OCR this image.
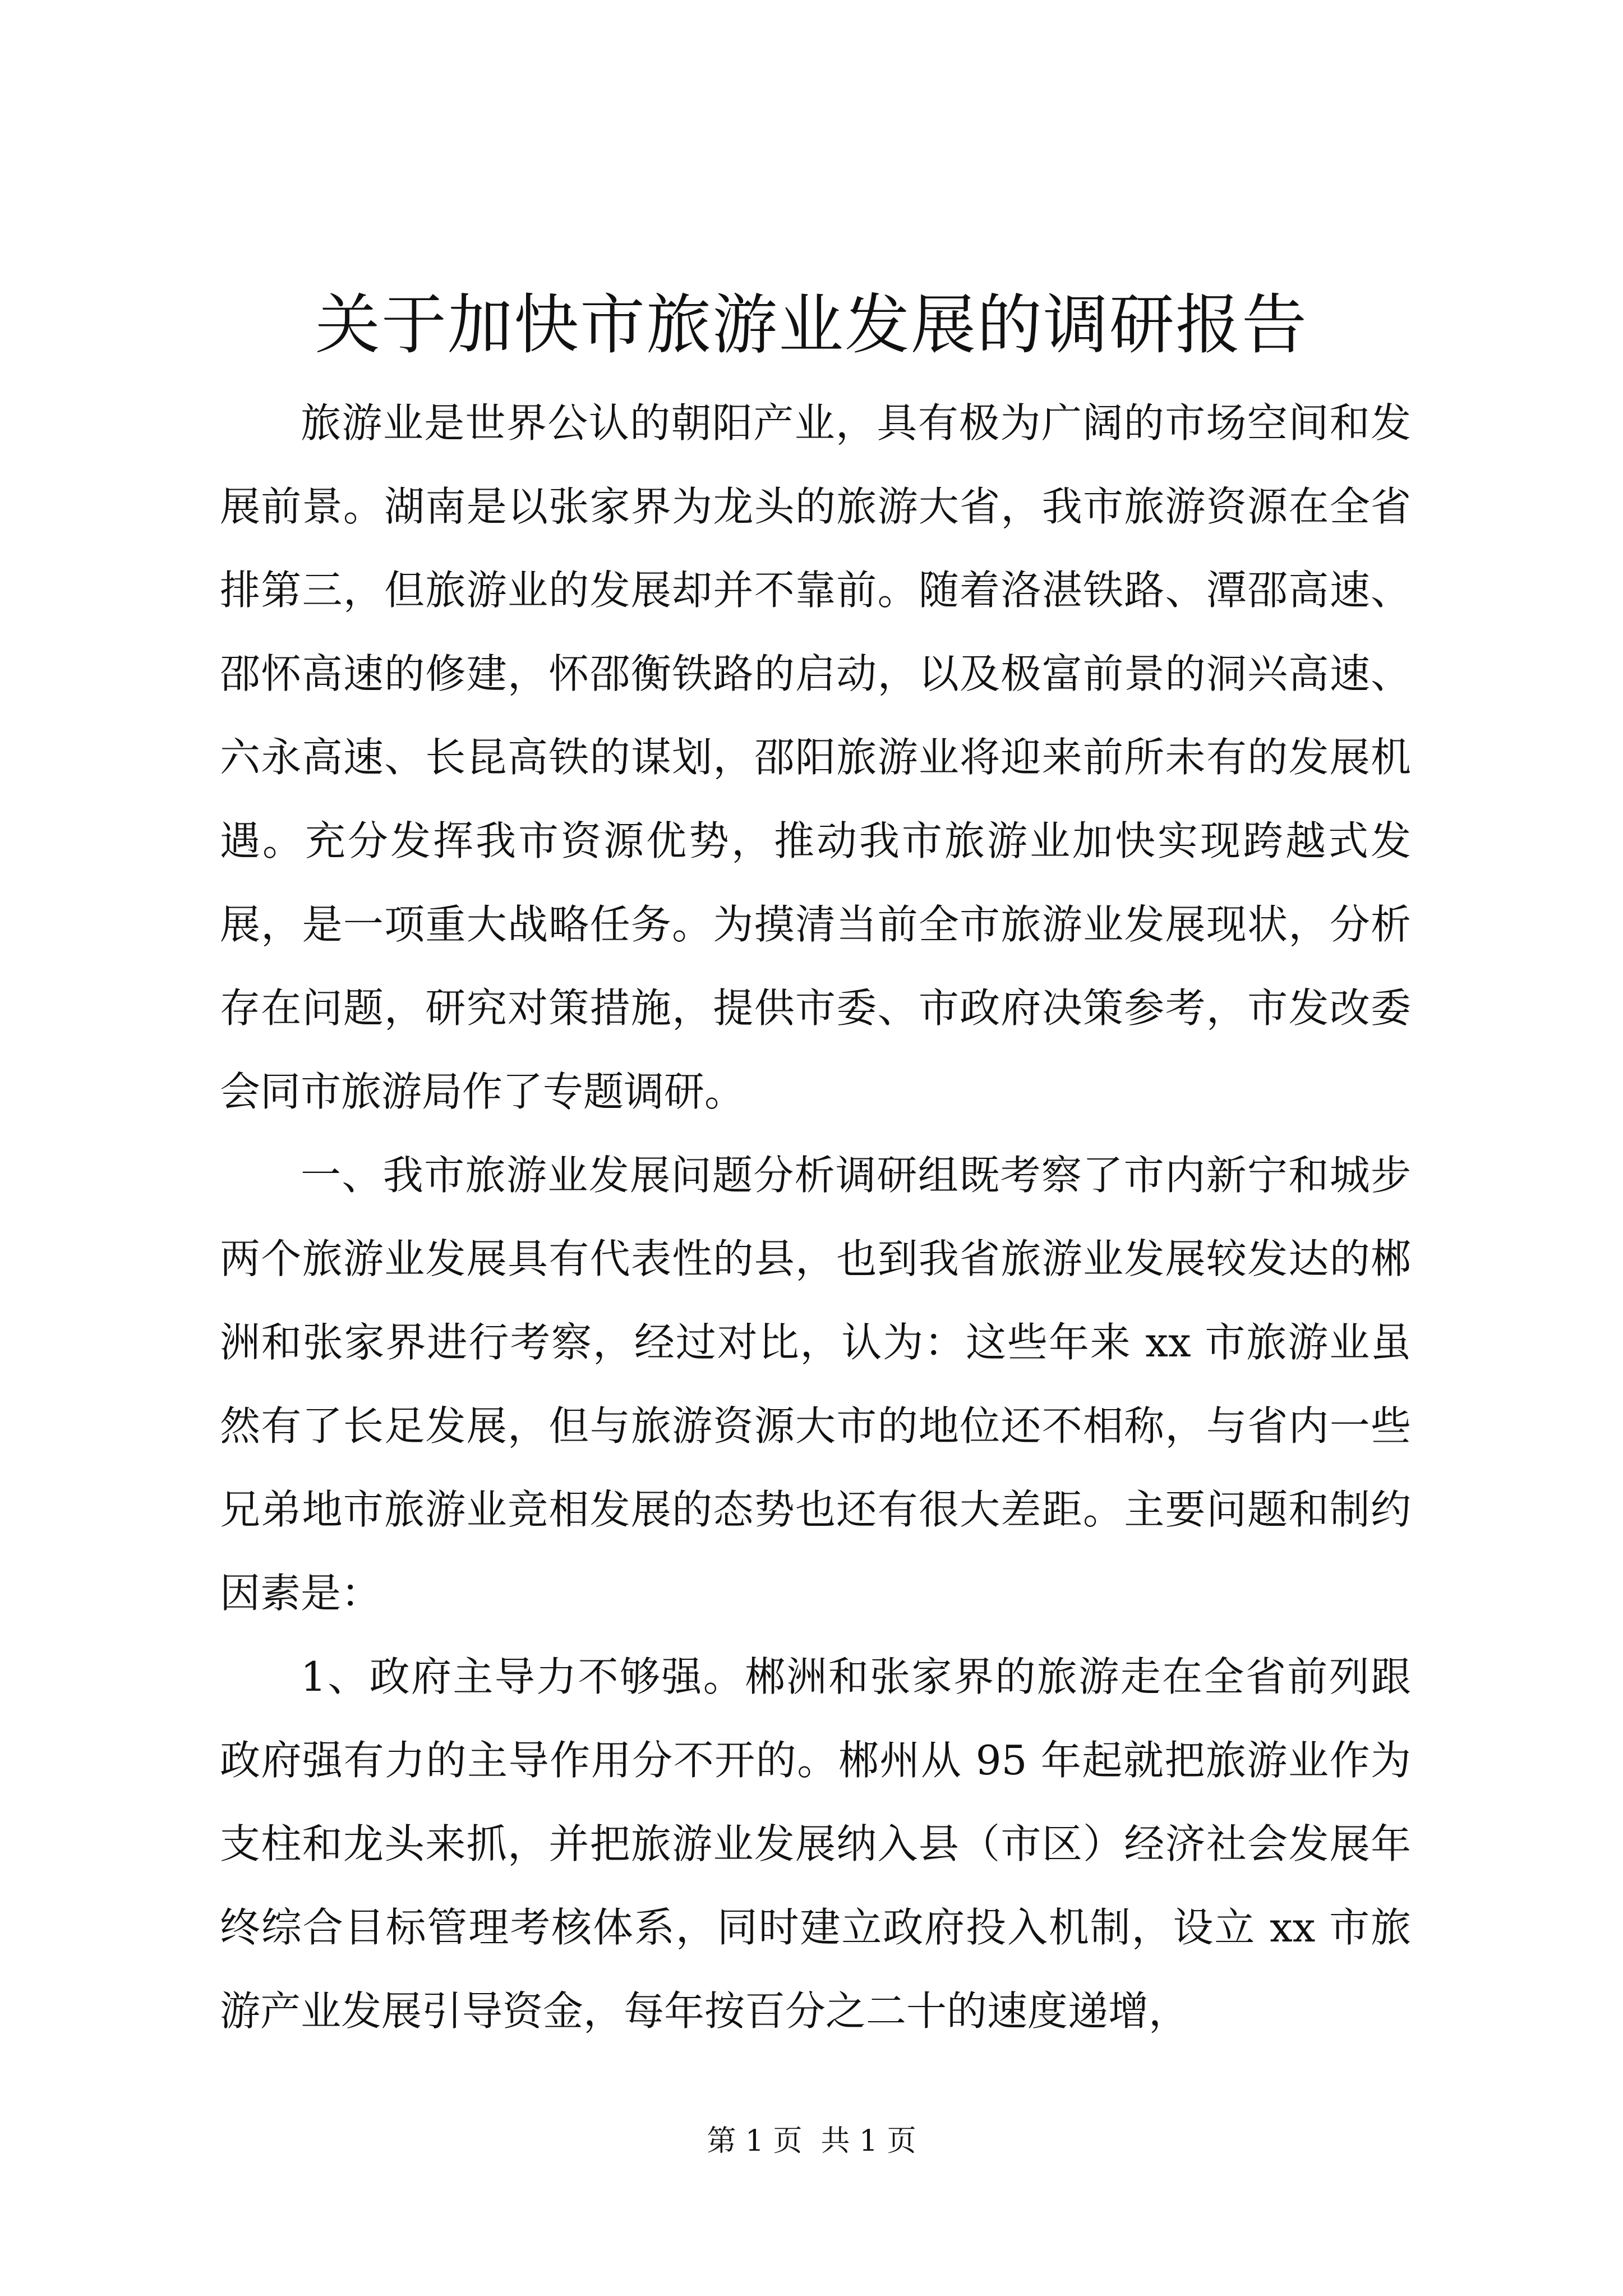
关于加快市旅游业发展的调研报告

旅游业是世界公认的朝阳产业，具有极为广阔的市场空间和发展前景。湖南是以张家界为龙头的旅游大省，我市旅游资源在全省排第三，但旅游业的发展却并不靠前。随着洛湛铁路、潭邵高速、邵怀高速的修建，怀邵衡铁路的启动，以及极富前景的洞兴高速、六永高速、长昆高铁的谋划，邵阳旅游业将迎来前所未有的发展机遇。充分发挥我市资源优势，推动我市旅游业加快实现跨越式发展，是一项重大战略任务。为摸清当前全市旅游业发展现状，分析存在问题，研究对策措施，提供市委、市政府决策参考，市发改委会同市旅游局作了专题调研。

一、我市旅游业发展问题分析调研组既考察了市内新宁和城步两个旅游业发展具有代表性的县，也到我省旅游业发展较发达的郴洲和张家界进行考察，经过对比，认为：这些年来 xx 市旅游业虽然有了长足发展，但与旅游资源大市的地位还不相称，与省内一些兄弟地市旅游业竞相发展的态势也还有很大差距。主要问题和制约因素是：

1、政府主导力不够强。郴洲和张家界的旅游走在全省前列跟政府强有力的主导作用分不开的。郴州从 95 年起就把旅游业作为支柱和龙头来抓，并把旅游业发展纳入县（市区）经济社会发展年终综合目标管理考核体系，同时建立政府投入机制，设立 xx 市旅游产业发展引导资金，每年按百分之二十的速度递增，

第 1 页  共 1 页
